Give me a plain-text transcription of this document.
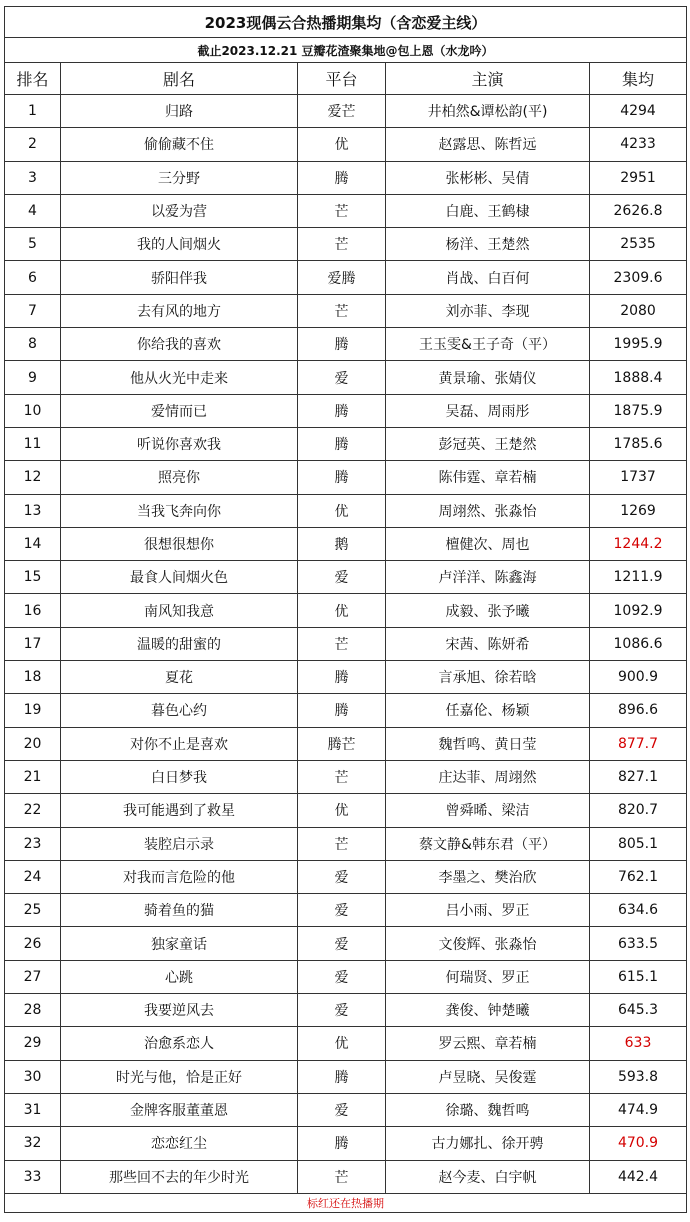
2023现偶云合热播期集均（含恋爱主线）				
截止2023.12.21 豆瓣花渣聚集地@包上恩（水龙吟）				
排名	剧名	平台	主演	集均
1	归路	爱芒	井柏然&谭松韵(平)	4294
2	偷偷藏不住	优	赵露思、陈哲远	4233
3	三分野	腾	张彬彬、吴倩	2951
4	以爱为营	芒	白鹿、王鹤棣	2626.8
5	我的人间烟火	芒	杨洋、王楚然	2535
6	骄阳伴我	爱腾	肖战、白百何	2309.6
7	去有风的地方	芒	刘亦菲、李现	2080
8	你给我的喜欢	腾	王玉雯&王子奇（平）	1995.9
9	他从火光中走来	爱	黄景瑜、张婧仪	1888.4
10	爱情而已	腾	吴磊、周雨彤	1875.9
11	听说你喜欢我	腾	彭冠英、王楚然	1785.6
12	照亮你	腾	陈伟霆、章若楠	1737
13	当我飞奔向你	优	周翊然、张淼怡	1269
14	很想很想你	鹅	檀健次、周也	1244.2
15	最食人间烟火色	爱	卢洋洋、陈鑫海	1211.9
16	南风知我意	优	成毅、张予曦	1092.9
17	温暖的甜蜜的	芒	宋茜、陈妍希	1086.6
18	夏花	腾	言承旭、徐若晗	900.9
19	暮色心约	腾	任嘉伦、杨颖	896.6
20	对你不止是喜欢	腾芒	魏哲鸣、黄日莹	877.7
21	白日梦我	芒	庄达菲、周翊然	827.1
22	我可能遇到了救星	优	曾舜晞、梁洁	820.7
23	装腔启示录	芒	蔡文静&韩东君（平）	805.1
24	对我而言危险的他	爱	李墨之、樊治欣	762.1
25	骑着鱼的猫	爱	吕小雨、罗正	634.6
26	独家童话	爱	文俊辉、张淼怡	633.5
27	心跳	爱	何瑞贤、罗正	615.1
28	我要逆风去	爱	龚俊、钟楚曦	645.3
29	治愈系恋人	优	罗云熙、章若楠	633
30	时光与他，恰是正好	腾	卢昱晓、吴俊霆	593.8
31	金牌客服董董恩	爱	徐璐、魏哲鸣	474.9
32	恋恋红尘	腾	古力娜扎、徐开骋	470.9
33	那些回不去的年少时光	芒	赵今麦、白宇帆	442.4
标红还在热播期				
